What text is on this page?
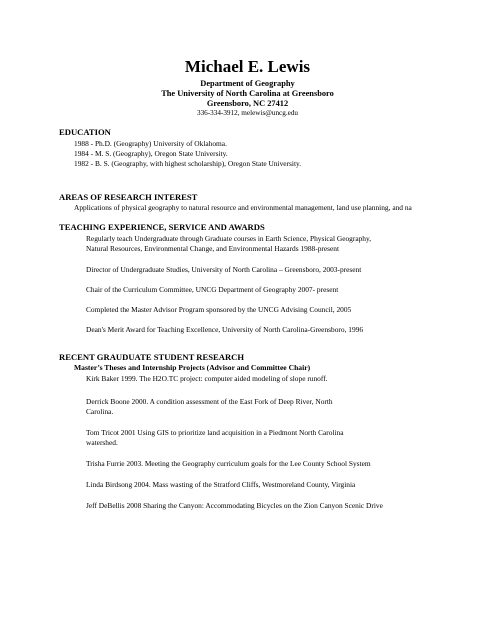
Michael E. Lewis
Department of Geography
The University of North Carolina at Greensboro
Greensboro, NC 27412
336-334-3912, melewis@uncg.edu
EDUCATION
1988 - Ph.D. (Geography) University of Oklahoma.
1984 - M. S. (Geography), Oregon State University.
1982 - B. S. (Geography, with highest scholarship), Oregon State University.
AREAS OF RESEARCH INTEREST
Applications of physical geography to natural resource and environmental management, land use planning, and na
TEACHING EXPERIENCE, SERVICE AND AWARDS
Regularly teach Undergraduate through Graduate courses in Earth Science, Physical Geography,
Natural Resources, Environmental Change, and Environmental Hazards 1988-present
Director of Undergraduate Studies, University of North Carolina – Greensboro, 2003-present
Chair of the Curriculum Committee, UNCG Department of Geography 2007- present
Completed the Master Advisor Program sponsored by the UNCG Advising Council, 2005
Dean's Merit Award for Teaching Excellence, University of North Carolina-Greensboro, 1996
RECENT GRAUDUATE STUDENT RESEARCH
Master’s Theses and Internship Projects (Advisor and Committee Chair)
Kirk Baker 1999. The H2O.TC project: computer aided modeling of slope runoff.
Derrick Boone 2000. A condition assessment of the East Fork of Deep River, North
Carolina.
Tom Tricot 2001 Using GIS to prioritize land acquisition in a Piedmont North Carolina
watershed.
Trisha Furrie 2003. Meeting the Geography curriculum goals for the Lee County School System
Linda Birdsong 2004. Mass wasting of the Stratford Cliffs, Westmoreland County, Virginia
Jeff DeBellis 2008 Sharing the Canyon: Accommodating Bicycles on the Zion Canyon Scenic Drive
